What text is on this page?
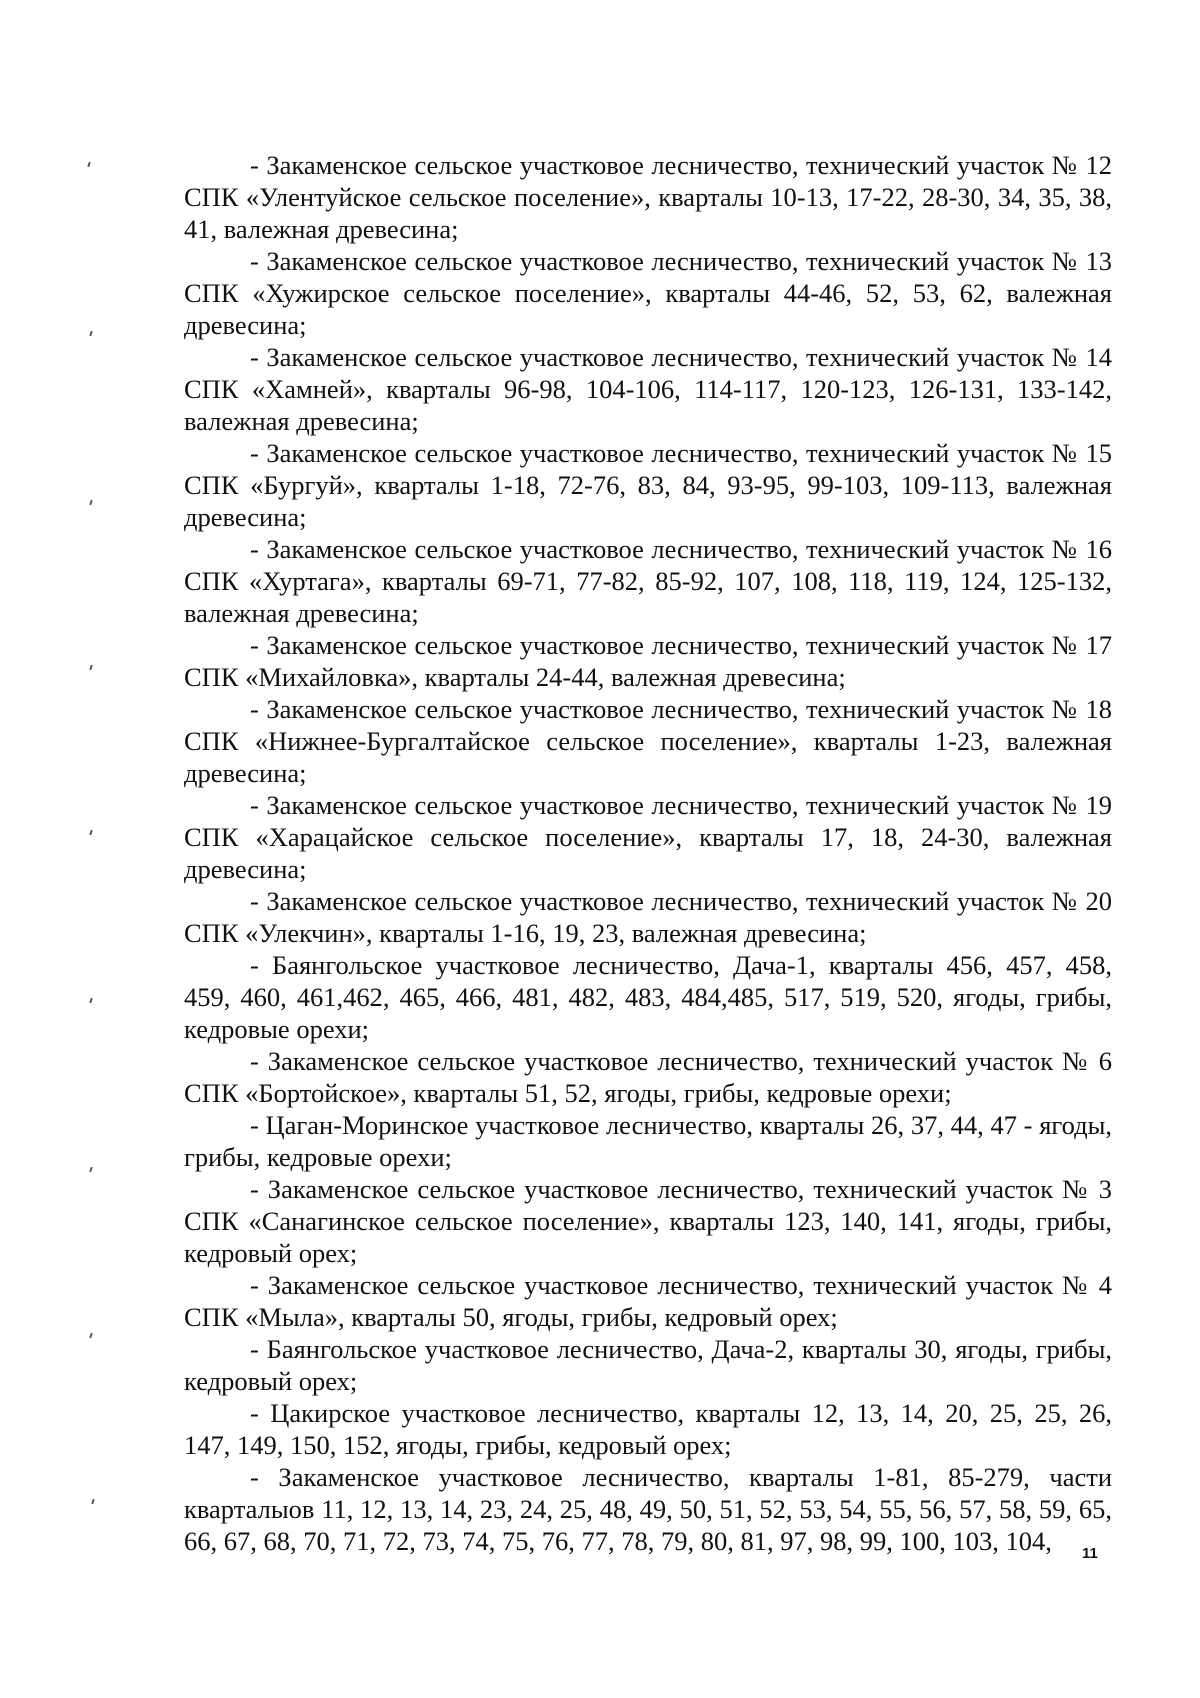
- Закаменское сельское участковое лесничество, технический участок № 12 СПК «Улентуйское сельское поселение», кварталы 10-13, 17-22, 28-30, 34, 35, 38, 41, валежная древесина;

- Закаменское сельское участковое лесничество, технический участок № 13 СПК «Хужирское сельское поселение», кварталы 44-46, 52, 53, 62, валежная древесина;

- Закаменское сельское участковое лесничество, технический участок № 14 СПК «Хамней», кварталы 96-98, 104-106, 114-117, 120-123, 126-131, 133-142, валежная древесина;

- Закаменское сельское участковое лесничество, технический участок № 15 СПК «Бургуй», кварталы 1-18, 72-76, 83, 84, 93-95, 99-103, 109-113, валежная древесина;

- Закаменское сельское участковое лесничество, технический участок № 16 СПК «Хуртага», кварталы 69-71, 77-82, 85-92, 107, 108, 118, 119, 124, 125-132, валежная древесина;

- Закаменское сельское участковое лесничество, технический участок № 17 СПК «Михайловка», кварталы 24-44, валежная древесина;

- Закаменское сельское участковое лесничество, технический участок № 18 СПК «Нижнее-Бургалтайское сельское поселение», кварталы 1-23, валежная древесина;

- Закаменское сельское участковое лесничество, технический участок № 19 СПК «Харацайское сельское поселение», кварталы 17, 18, 24-30, валежная древесина;

- Закаменское сельское участковое лесничество, технический участок № 20 СПК «Улекчин», кварталы 1-16, 19, 23, валежная древесина;

- Баянгольское участковое лесничество, Дача-1, кварталы 456, 457, 458, 459, 460, 461,462, 465, 466, 481, 482, 483, 484,485, 517, 519, 520, ягоды, грибы, кедровые орехи;

- Закаменское сельское участковое лесничество, технический участок № 6 СПК «Бортойское», кварталы 51, 52, ягоды, грибы, кедровые орехи;

- Цаган-Моринское участковое лесничество, кварталы 26, 37, 44, 47 - ягоды, грибы, кедровые орехи;

- Закаменское сельское участковое лесничество, технический участок № 3 СПК «Санагинское сельское поселение», кварталы 123, 140, 141, ягоды, грибы, кедровый орех;

- Закаменское сельское участковое лесничество, технический участок № 4 СПК «Мыла», кварталы 50, ягоды, грибы, кедровый орех;

- Баянгольское участковое лесничество, Дача-2, кварталы 30, ягоды, грибы, кедровый орех;

- Цакирское участковое лесничество, кварталы 12, 13, 14, 20, 25, 25, 26, 147, 149, 150, 152, ягоды, грибы, кедровый орех;

- Закаменское участковое лесничество, кварталы 1-81, 85-279, части кварталыов 11, 12, 13, 14, 23, 24, 25, 48, 49, 50, 51, 52, 53, 54, 55, 56, 57, 58, 59, 65, 66, 67, 68, 70, 71, 72, 73, 74, 75, 76, 77, 78, 79, 80, 81, 97, 98, 99, 100, 103, 104,	11
